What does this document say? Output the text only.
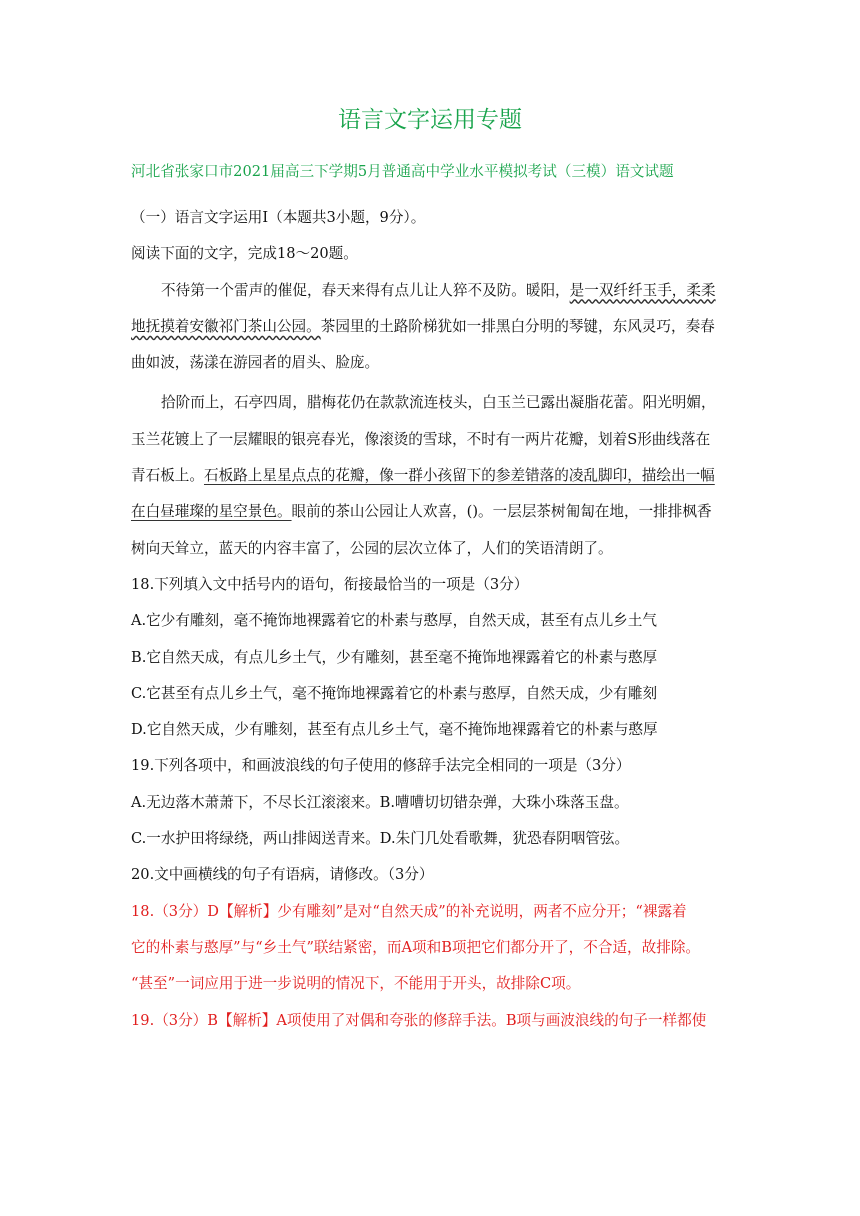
语言文字运用专题
河北省张家口市2021届高三下学期5月普通高中学业水平模拟考试（三模）语文试题
（一）语言文字运用Ⅰ（本题共3小题，9分）。
阅读下面的文字，完成18～20题。
不待第一个雷声的催促，春天来得有点儿让人猝不及防。暖阳，是一双纤纤玉手，柔柔
地抚摸着安徽祁门茶山公园。茶园里的土路阶梯犹如一排黑白分明的琴键，东风灵巧，奏春
曲如波，荡漾在游园者的眉头、脸庞。
拾阶而上，石亭四周，腊梅花仍在款款流连枝头，白玉兰已露出凝脂花蕾。阳光明媚，
玉兰花镀上了一层耀眼的银亮春光，像滚烫的雪球，不时有一两片花瓣，划着S形曲线落在
青石板上。石板路上星星点点的花瓣，像一群小孩留下的参差错落的凌乱脚印，描绘出一幅
在白昼璀璨的星空景色。眼前的茶山公园让人欢喜，()。一层层茶树匍匐在地，一排排枫香
树向天耸立，蓝天的内容丰富了，公园的层次立体了，人们的笑语清朗了。
18.下列填入文中括号内的语句，衔接最恰当的一项是（3分）
A.它少有雕刻，毫不掩饰地裸露着它的朴素与憨厚，自然天成，甚至有点儿乡土气
B.它自然天成，有点儿乡土气，少有雕刻，甚至毫不掩饰地裸露着它的朴素与憨厚
C.它甚至有点儿乡土气，毫不掩饰地裸露着它的朴素与憨厚，自然天成，少有雕刻
D.它自然天成，少有雕刻，甚至有点儿乡土气，毫不掩饰地裸露着它的朴素与憨厚
19.下列各项中，和画波浪线的句子使用的修辞手法完全相同的一项是（3分）
A.无边落木萧萧下，不尽长江滚滚来。B.嘈嘈切切错杂弹，大珠小珠落玉盘。
C.一水护田将绿绕，两山排闼送青来。D.朱门几处看歌舞，犹恐春阴咽管弦。
20.文中画横线的句子有语病，请修改。（3分）
18.（3分）D【解析】少有雕刻”是对“自然天成”的补充说明，两者不应分开；“裸露着
它的朴素与憨厚”与“乡土气”联结紧密，而A项和B项把它们都分开了，不合适，故排除。
“甚至”一词应用于进一步说明的情况下，不能用于开头，故排除C项。
19.（3分）B【解析】A项使用了对偶和夸张的修辞手法。B项与画波浪线的句子一样都使
